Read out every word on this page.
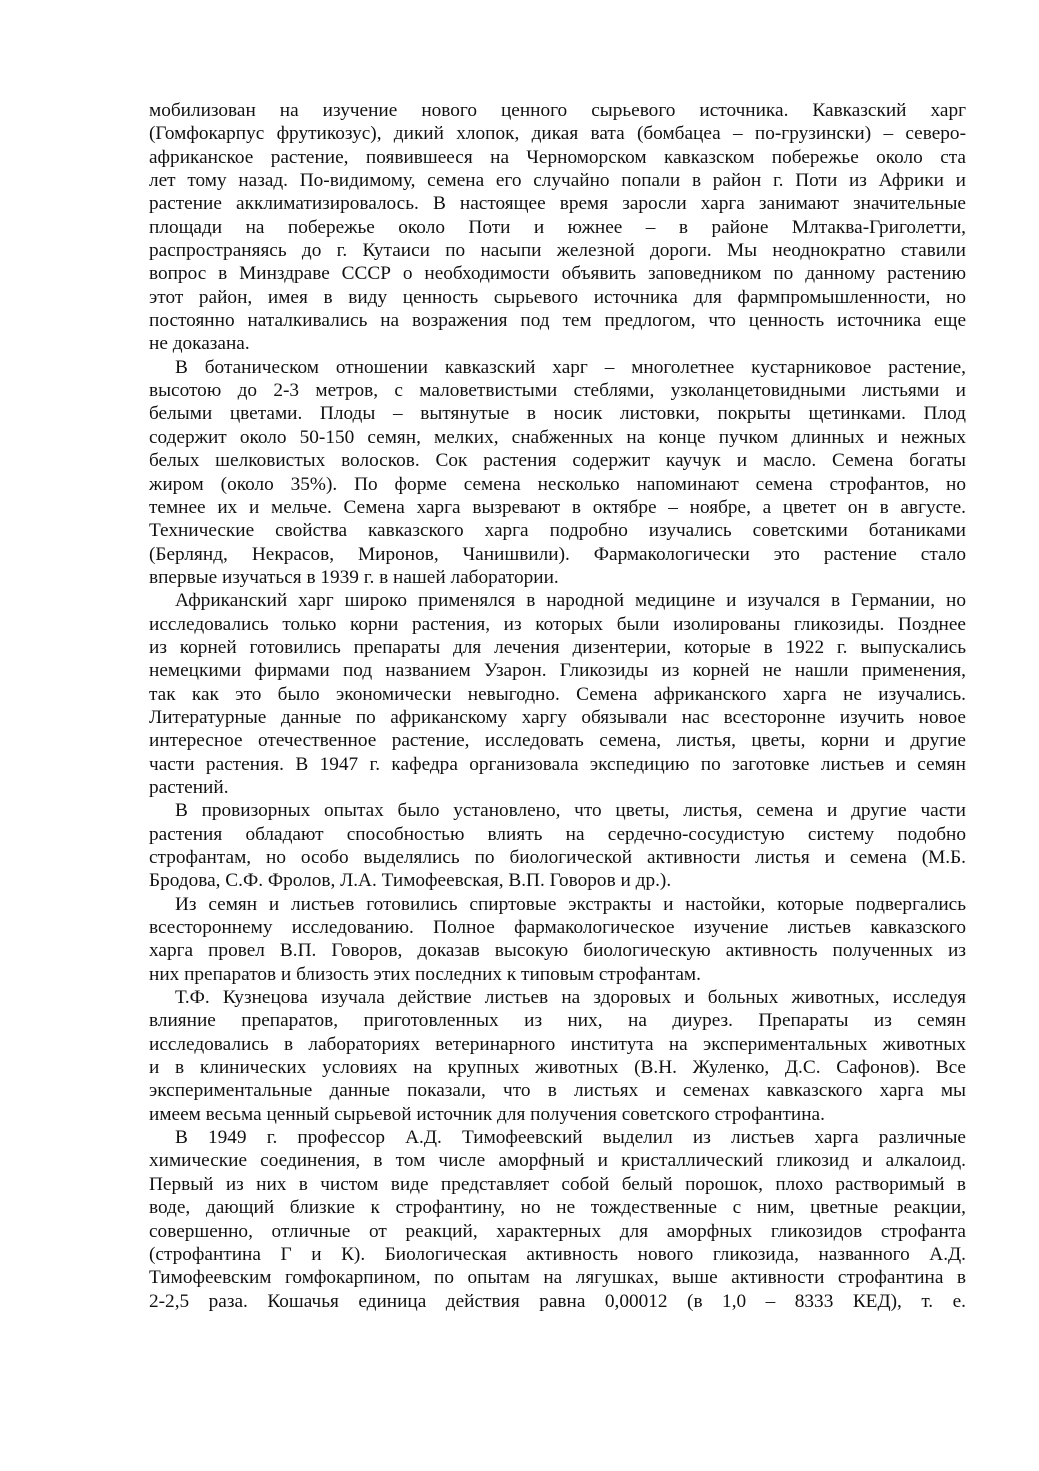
мобилизован на изучение нового ценного сырьевого источника. Кавказский харг
(Гомфокарпус фрутикозус), дикий хлопок, дикая вата (бомбацеа – по-грузински) – северо-
африканское растение, появившееся на Черноморском кавказском побережье около ста
лет тому назад. По-видимому, семена его случайно попали в район г. Поти из Африки и
растение акклиматизировалось. В настоящее время заросли харга занимают значительные
площади на побережье около Поти и южнее – в районе Млтаква-Григолетти,
распространяясь до г. Кутаиси по насыпи железной дороги. Мы неоднократно ставили
вопрос в Минздраве СССР о необходимости объявить заповедником по данному растению
этот район, имея в виду ценность сырьевого источника для фармпромышленности, но
постоянно наталкивались на возражения под тем предлогом, что ценность источника еще
не доказана.
В ботаническом отношении кавказский харг – многолетнее кустарниковое растение,
высотою до 2-3 метров, с маловетвистыми стеблями, узколанцетовидными листьями и
белыми цветами. Плоды – вытянутые в носик листовки, покрыты щетинками. Плод
содержит около 50-150 семян, мелких, снабженных на конце пучком длинных и нежных
белых шелковистых волосков. Сок растения содержит каучук и масло. Семена богаты
жиром (около 35%). По форме семена несколько напоминают семена строфантов, но
темнее их и мельче. Семена харга вызревают в октябре – ноябре, а цветет он в августе.
Технические свойства кавказского харга подробно изучались советскими ботаниками
(Берлянд, Некрасов, Миронов, Чанишвили). Фармакологически это растение стало
впервые изучаться в 1939 г. в нашей лаборатории.
Африканский харг широко применялся в народной медицине и изучался в Германии, но
исследовались только корни растения, из которых были изолированы гликозиды. Позднее
из корней готовились препараты для лечения дизентерии, которые в 1922 г. выпускались
немецкими фирмами под названием Узарон. Гликозиды из корней не нашли применения,
так как это было экономически невыгодно. Семена африканского харга не изучались.
Литературные данные по африканскому харгу обязывали нас всесторонне изучить новое
интересное отечественное растение, исследовать семена, листья, цветы, корни и другие
части растения. В 1947 г. кафедра организовала экспедицию по заготовке листьев и семян
растений.
В провизорных опытах было установлено, что цветы, листья, семена и другие части
растения обладают способностью влиять на сердечно-сосудистую систему подобно
строфантам, но особо выделялись по биологической активности листья и семена (М.Б.
Бродова, С.Ф. Фролов, Л.А. Тимофеевская, В.П. Говоров и др.).
Из семян и листьев готовились спиртовые экстракты и настойки, которые подвергались
всестороннему исследованию. Полное фармакологическое изучение листьев кавказского
харга провел В.П. Говоров, доказав высокую биологическую активность полученных из
них препаратов и близость этих последних к типовым строфантам.
Т.Ф. Кузнецова изучала действие листьев на здоровых и больных животных, исследуя
влияние препаратов, приготовленных из них, на диурез. Препараты из семян
исследовались в лабораториях ветеринарного института на экспериментальных животных
и в клинических условиях на крупных животных (В.Н. Жуленко, Д.С. Сафонов). Все
экспериментальные данные показали, что в листьях и семенах кавказского харга мы
имеем весьма ценный сырьевой источник для получения советского строфантина.
В 1949 г. профессор А.Д. Тимофеевский выделил из листьев харга различные
химические соединения, в том числе аморфный и кристаллический гликозид и алкалоид.
Первый из них в чистом виде представляет собой белый порошок, плохо растворимый в
воде, дающий близкие к строфантину, но не тождественные с ним, цветные реакции,
совершенно, отличные от реакций, характерных для аморфных гликозидов строфанта
(строфантина Г и К). Биологическая активность нового гликозида, названного А.Д.
Тимофеевским гомфокарпином, по опытам на лягушках, выше активности строфантина в
2-2,5 раза. Кошачья единица действия равна 0,00012 (в 1,0 – 8333 КЕД), т. е.
